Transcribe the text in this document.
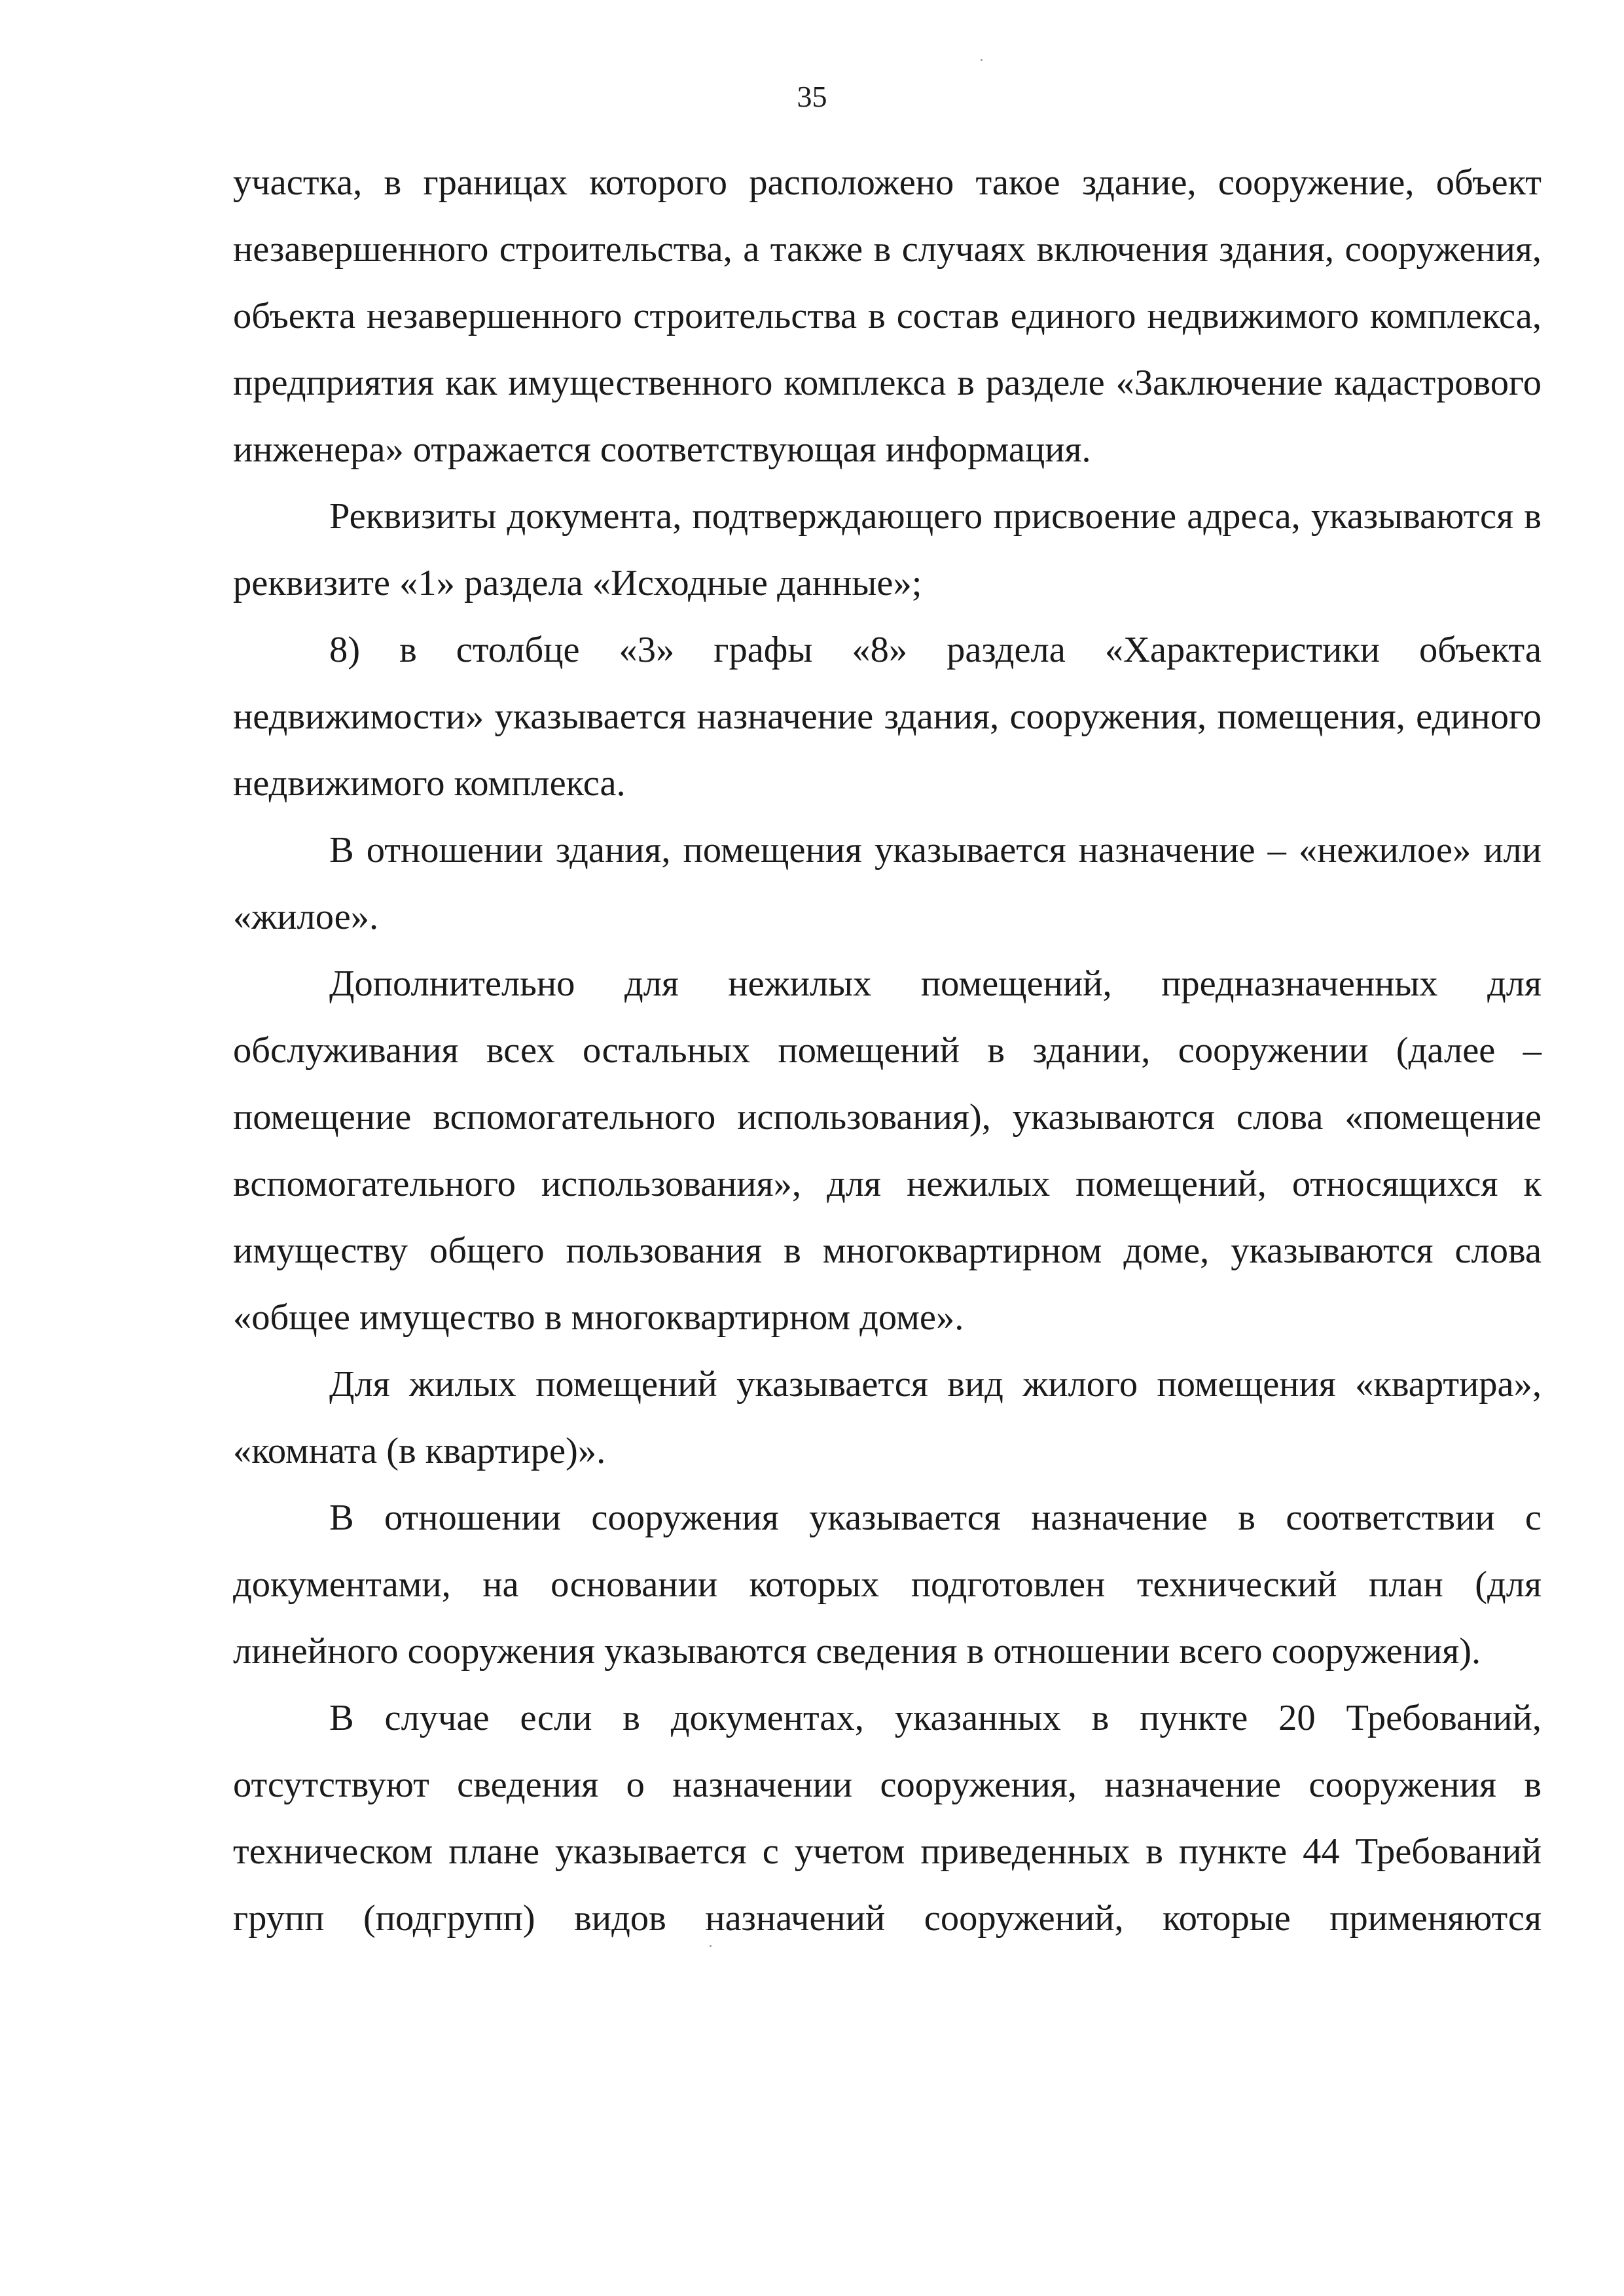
35

участка, в границах которого расположено такое здание, сооружение, объект незавершенного строительства, а также в случаях включения здания, сооружения, объекта незавершенного строительства в состав единого недвижимого комплекса, предприятия как имущественного комплекса в разделе «Заключение кадастрового инженера» отражается соответствующая информация.

Реквизиты документа, подтверждающего присвоение адреса, указываются в реквизите «1» раздела «Исходные данные»;

8) в столбце «3» графы «8» раздела «Характеристики объекта недвижимости» указывается назначение здания, сооружения, помещения, единого недвижимого комплекса.

В отношении здания, помещения указывается назначение – «нежилое» или «жилое».

Дополнительно для нежилых помещений, предназначенных для обслуживания всех остальных помещений в здании, сооружении (далее – помещение вспомогательного использования), указываются слова «помещение вспомогательного использования», для нежилых помещений, относящихся к имуществу общего пользования в многоквартирном доме, указываются слова «общее имущество в многоквартирном доме».

Для жилых помещений указывается вид жилого помещения «квартира», «комната (в квартире)».

В отношении сооружения указывается назначение в соответствии с документами, на основании которых подготовлен технический план (для линейного сооружения указываются сведения в отношении всего сооружения).

В случае если в документах, указанных в пункте 20 Требований, отсутствуют сведения о назначении сооружения, назначение сооружения в техническом плане указывается с учетом приведенных в пункте 44 Требований групп (подгрупп) видов назначений сооружений, которые применяются
